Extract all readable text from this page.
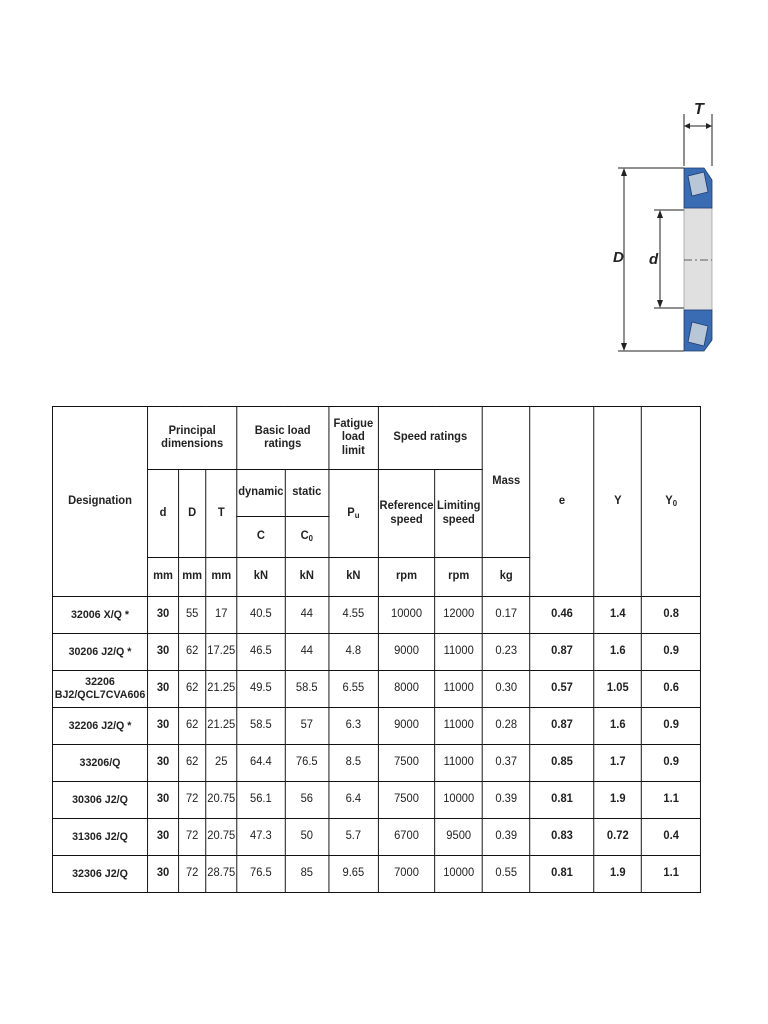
T
D d
Designation	Principal dimensions			Basic load ratings		Fatigue load limit	Speed ratings		Mass	e	Y	$Y_0$
	d	D	T	dynamic	static	$P_u$	Reference speed	Limiting speed				
				C	$C_0$
	mm	mm	mm	kN	kN	kN	rpm	rpm	kg			
32006 X/Q *	30	55	17	40.5	44	4.55	10000	12000	0.17	0.46	1.4	0.8
30206 J2/Q *	30	62	17.25	46.5	44	4.8	9000	11000	0.23	0.87	1.6	0.9
32206 BJ2/QCL7CVA606	30	62	21.25	49.5	58.5	6.55	8000	11000	0.30	0.57	1.05	0.6
32206 J2/Q *	30	62	21.25	58.5	57	6.3	9000	11000	0.28	0.87	1.6	0.9
33206/Q	30	62	25	64.4	76.5	8.5	7500	11000	0.37	0.85	1.7	0.9
30306 J2/Q	30	72	20.75	56.1	56	6.4	7500	10000	0.39	0.81	1.9	1.1
31306 J2/Q	30	72	20.75	47.3	50	5.7	6700	9500	0.39	0.83	0.72	0.4
32306 J2/Q	30	72	28.75	76.5	85	9.65	7000	10000	0.55	0.81	1.9	1.1
